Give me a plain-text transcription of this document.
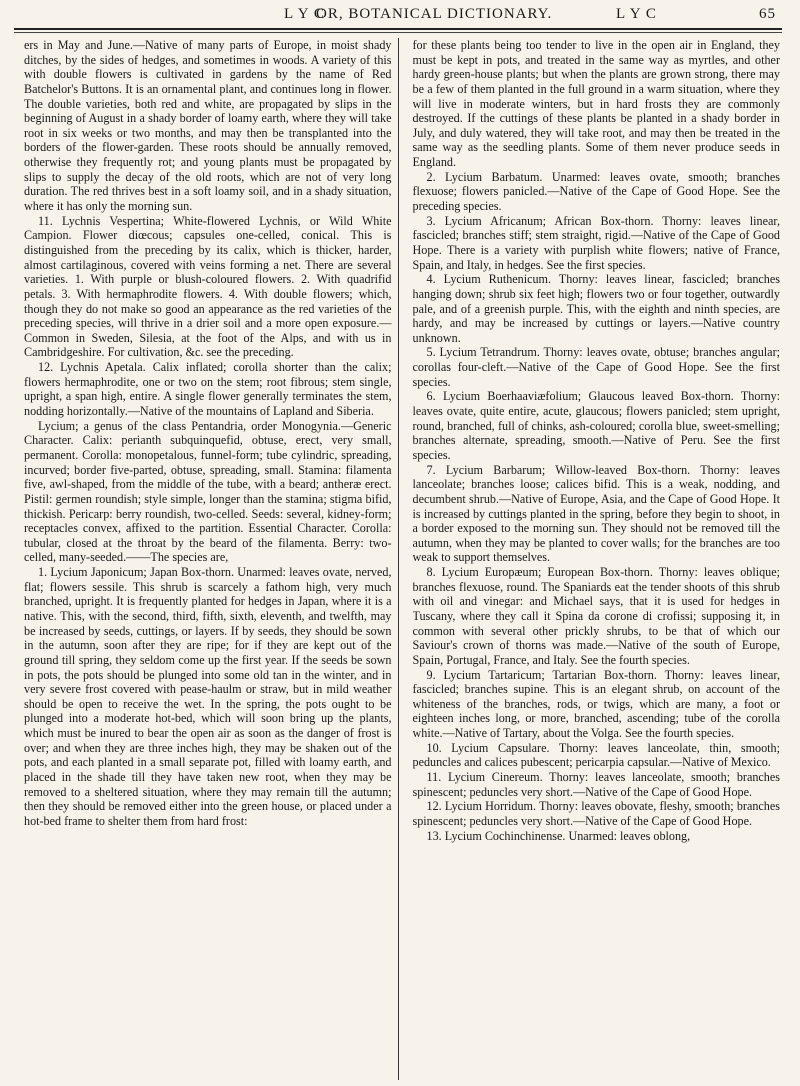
L Y C
OR, BOTANICAL DICTIONARY.	L Y C	65

ers in May and June.—Native of many parts of Europe, in moist shady ditches, by the sides of hedges, and sometimes in woods. A variety of this with double flowers is cultivated in gardens by the name of Red Batchelor's Buttons. It is an ornamental plant, and continues long in flower. The double varieties, both red and white, are propagated by slips in the beginning of August in a shady border of loamy earth, where they will take root in six weeks or two months, and may then be transplanted into the borders of the flower-garden. These roots should be annually removed, otherwise they frequently rot; and young plants must be propagated by slips to supply the decay of the old roots, which are not of very long duration. The red thrives best in a soft loamy soil, and in a shady situation, where it has only the morning sun.

11. Lychnis Vespertina; White-flowered Lychnis, or Wild White Campion. Flower diœcous; capsules one-celled, conical. This is distinguished from the preceding by its calix, which is thicker, harder, almost cartilaginous, covered with veins forming a net. There are several varieties. 1. With purple or blush-coloured flowers. 2. With quadrifid petals. 3. With hermaphrodite flowers. 4. With double flowers; which, though they do not make so good an appearance as the red varieties of the preceding species, will thrive in a drier soil and a more open exposure.—Common in Sweden, Silesia, at the foot of the Alps, and with us in Cambridgeshire. For cultivation, &c. see the preceding.

12. Lychnis Apetala. Calix inflated; corolla shorter than the calix; flowers hermaphrodite, one or two on the stem; root fibrous; stem single, upright, a span high, entire. A single flower generally terminates the stem, nodding horizontally.—Native of the mountains of Lapland and Siberia.

Lycium; a genus of the class Pentandria, order Monogynia.—Generic Character. Calix: perianth subquinquefid, obtuse, erect, very small, permanent. Corolla: monopetalous, funnel-form; tube cylindric, spreading, incurved; border five-parted, obtuse, spreading, small. Stamina: filamenta five, awl-shaped, from the middle of the tube, with a beard; antheræ erect. Pistil: germen roundish; style simple, longer than the stamina; stigma bifid, thickish. Pericarp: berry roundish, two-celled. Seeds: several, kidney-form; receptacles convex, affixed to the partition. Essential Character. Corolla: tubular, closed at the throat by the beard of the filamenta. Berry: two-celled, many-seeded.——The species are,

1. Lycium Japonicum; Japan Box-thorn. Unarmed: leaves ovate, nerved, flat; flowers sessile. This shrub is scarcely a fathom high, very much branched, upright. It is frequently planted for hedges in Japan, where it is a native. This, with the second, third, fifth, sixth, eleventh, and twelfth, may be increased by seeds, cuttings, or layers. If by seeds, they should be sown in the autumn, soon after they are ripe; for if they are kept out of the ground till spring, they seldom come up the first year. If the seeds be sown in pots, the pots should be plunged into some old tan in the winter, and in very severe frost covered with pease-haulm or straw, but in mild weather should be open to receive the wet. In the spring, the pots ought to be plunged into a moderate hot-bed, which will soon bring up the plants, which must be inured to bear the open air as soon as the danger of frost is over; and when they are three inches high, they may be shaken out of the pots, and each planted in a small separate pot, filled with loamy earth, and placed in the shade till they have taken new root, when they may be removed to a sheltered situation, where they may remain till the autumn; then they should be removed either into the green house, or placed under a hot-bed frame to shelter them from hard frost:

for these plants being too tender to live in the open air in England, they must be kept in pots, and treated in the same way as myrtles, and other hardy green-house plants; but when the plants are grown strong, there may be a few of them planted in the full ground in a warm situation, where they will live in moderate winters, but in hard frosts they are commonly destroyed. If the cuttings of these plants be planted in a shady border in July, and duly watered, they will take root, and may then be treated in the same way as the seedling plants. Some of them never produce seeds in England.

2. Lycium Barbatum. Unarmed: leaves ovate, smooth; branches flexuose; flowers panicled.—Native of the Cape of Good Hope. See the preceding species.

3. Lycium Africanum; African Box-thorn. Thorny: leaves linear, fascicled; branches stiff; stem straight, rigid.—Native of the Cape of Good Hope. There is a variety with purplish white flowers; native of France, Spain, and Italy, in hedges. See the first species.

4. Lycium Ruthenicum. Thorny: leaves linear, fascicled; branches hanging down; shrub six feet high; flowers two or four together, outwardly pale, and of a greenish purple. This, with the eighth and ninth species, are hardy, and may be increased by cuttings or layers.—Native country unknown.

5. Lycium Tetrandrum. Thorny: leaves ovate, obtuse; branches angular; corollas four-cleft.—Native of the Cape of Good Hope. See the first species.

6. Lycium Boerhaaviæfolium; Glaucous leaved Box-thorn. Thorny: leaves ovate, quite entire, acute, glaucous; flowers panicled; stem upright, round, branched, full of chinks, ash-coloured; corolla blue, sweet-smelling; branches alternate, spreading, smooth.—Native of Peru. See the first species.

7. Lycium Barbarum; Willow-leaved Box-thorn. Thorny: leaves lanceolate; branches loose; calices bifid. This is a weak, nodding, and decumbent shrub.—Native of Europe, Asia, and the Cape of Good Hope. It is increased by cuttings planted in the spring, before they begin to shoot, in a border exposed to the morning sun. They should not be removed till the autumn, when they may be planted to cover walls; for the branches are too weak to support themselves.

8. Lycium Europæum; European Box-thorn. Thorny: leaves oblique; branches flexuose, round. The Spaniards eat the tender shoots of this shrub with oil and vinegar: and Michael says, that it is used for hedges in Tuscany, where they call it Spina da corone di crofissi; supposing it, in common with several other prickly shrubs, to be that of which our Saviour's crown of thorns was made.—Native of the south of Europe, Spain, Portugal, France, and Italy. See the fourth species.

9. Lycium Tartaricum; Tartarian Box-thorn. Thorny: leaves linear, fascicled; branches supine. This is an elegant shrub, on account of the whiteness of the branches, rods, or twigs, which are many, a foot or eighteen inches long, or more, branched, ascending; tube of the corolla white.—Native of Tartary, about the Volga. See the fourth species.

10. Lycium Capsulare. Thorny: leaves lanceolate, thin, smooth; peduncles and calices pubescent; pericarpia capsular.—Native of Mexico.

11. Lycium Cinereum. Thorny: leaves lanceolate, smooth; branches spinescent; peduncles very short.—Native of the Cape of Good Hope.

12. Lycium Horridum. Thorny: leaves obovate, fleshy, smooth; branches spinescent; peduncles very short.—Native of the Cape of Good Hope.

13. Lycium Cochinchinense. Unarmed: leaves oblong,
